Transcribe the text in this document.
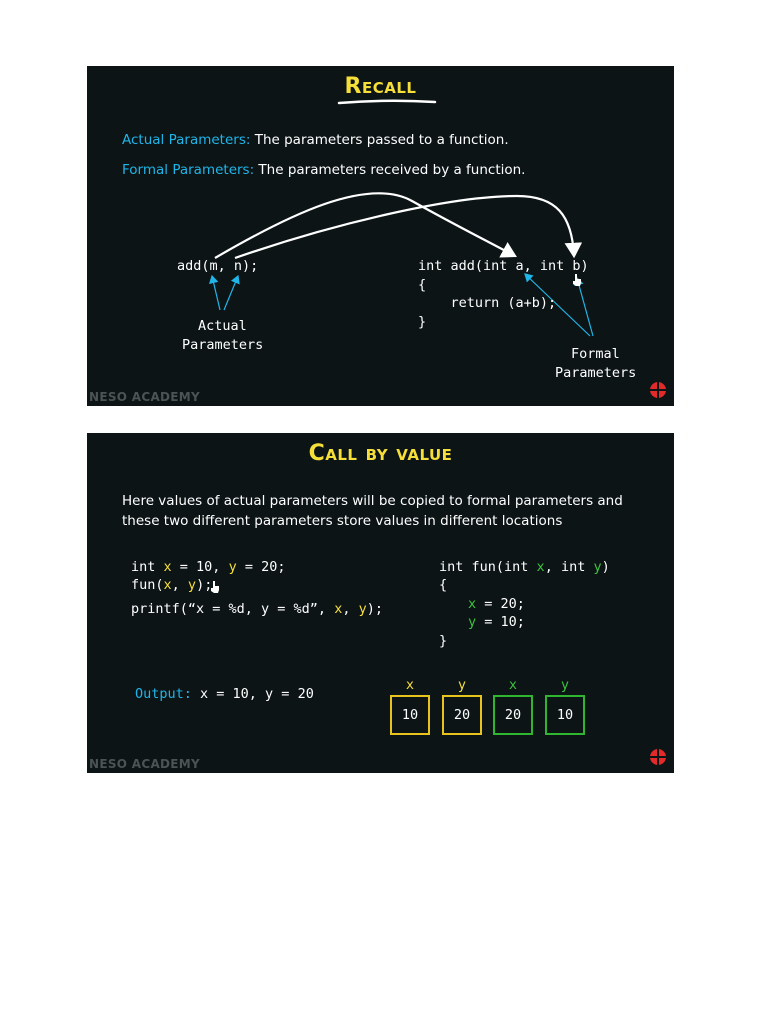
Recall
Actual Parameters: The parameters passed to a function.
Formal Parameters: The parameters received by a function.
add(m, n);	int add(int a, int b)
{
return (a+b);
}
Actual
Parameters
Formal
Parameters
NESO ACADEMY
Call by value
Here values of actual parameters will be copied to formal parameters and
these two different parameters store values in different locations
int x = 10, y = 20;
fun(x, y);
printf(“x = %d, y = %d”, x, y);
int fun(int x, int y)
{
x = 20;
y = 10;
}
Output: x = 10, y = 20
x	y	x	y
10	20	20	10
NESO ACADEMY
